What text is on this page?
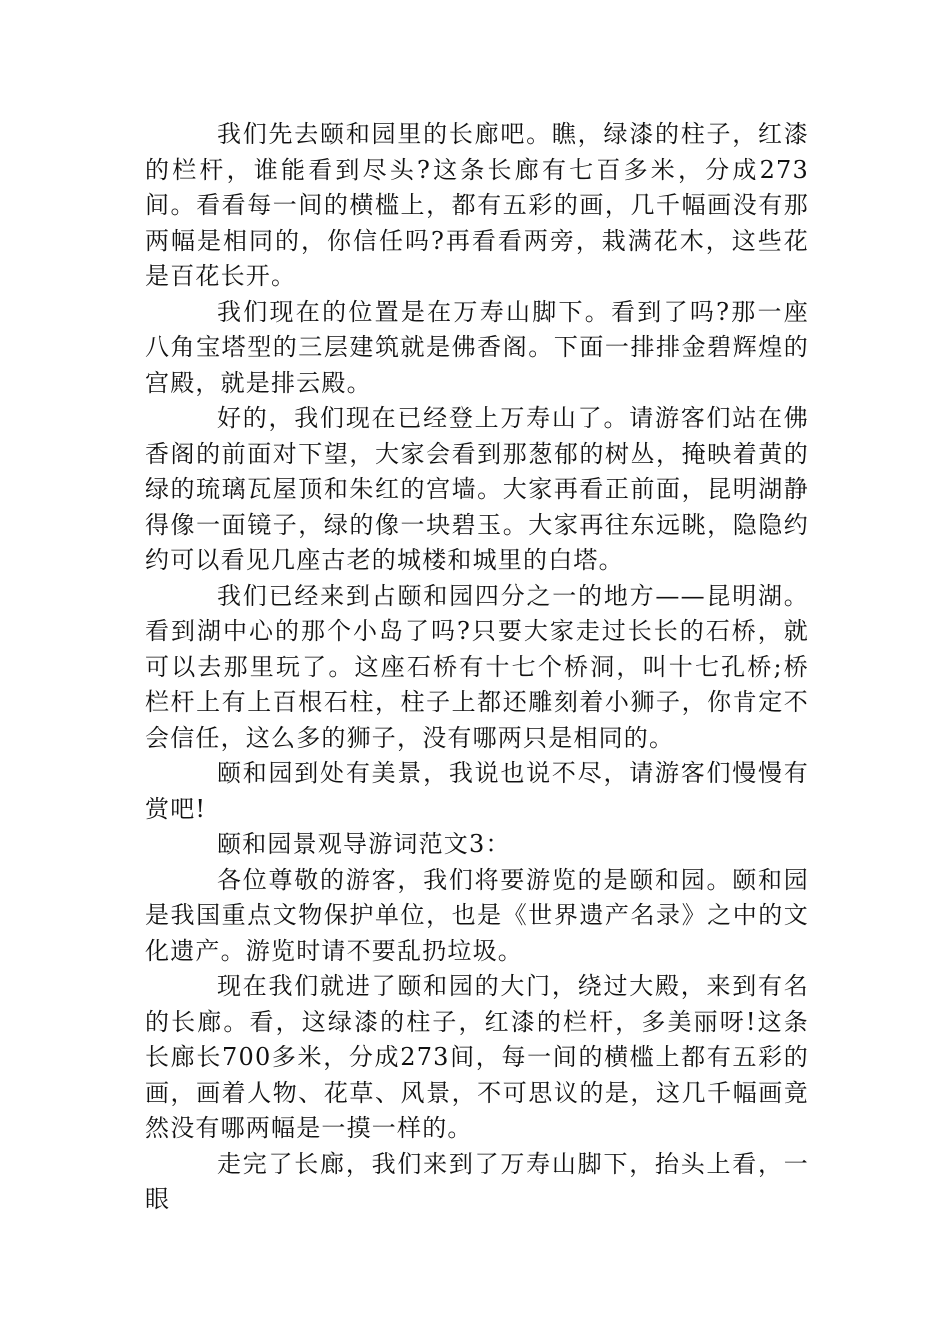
我们先去颐和园里的长廊吧。瞧，绿漆的柱子，红漆的栏杆，谁能看到尽头?这条长廊有七百多米，分成273间。看看每一间的横槛上，都有五彩的画，几千幅画没有那两幅是相同的，你信任吗?再看看两旁，栽满花木，这些花是百花长开。

我们现在的位置是在万寿山脚下。看到了吗?那一座八角宝塔型的三层建筑就是佛香阁。下面一排排金碧辉煌的宫殿，就是排云殿。

好的，我们现在已经登上万寿山了。请游客们站在佛香阁的前面对下望，大家会看到那葱郁的树丛，掩映着黄的绿的琉璃瓦屋顶和朱红的宫墙。大家再看正前面，昆明湖静得像一面镜子，绿的像一块碧玉。大家再往东远眺，隐隐约约可以看见几座古老的城楼和城里的白塔。

我们已经来到占颐和园四分之一的地方——昆明湖。看到湖中心的那个小岛了吗?只要大家走过长长的石桥，就可以去那里玩了。这座石桥有十七个桥洞，叫十七孔桥;桥栏杆上有上百根石柱，柱子上都还雕刻着小狮子，你肯定不会信任，这么多的狮子，没有哪两只是相同的。

颐和园到处有美景，我说也说不尽，请游客们慢慢有赏吧!

颐和园景观导游词范文3：

各位尊敬的游客，我们将要游览的是颐和园。颐和园是我国重点文物保护单位，也是《世界遗产名录》之中的文化遗产。游览时请不要乱扔垃圾。

现在我们就进了颐和园的大门，绕过大殿，来到有名的长廊。看，这绿漆的柱子，红漆的栏杆，多美丽呀!这条长廊长700多米，分成273间，每一间的横槛上都有五彩的画，画着人物、花草、风景，不可思议的是，这几千幅画竟然没有哪两幅是一摸一样的。

走完了长廊，我们来到了万寿山脚下，抬头上看，一眼
